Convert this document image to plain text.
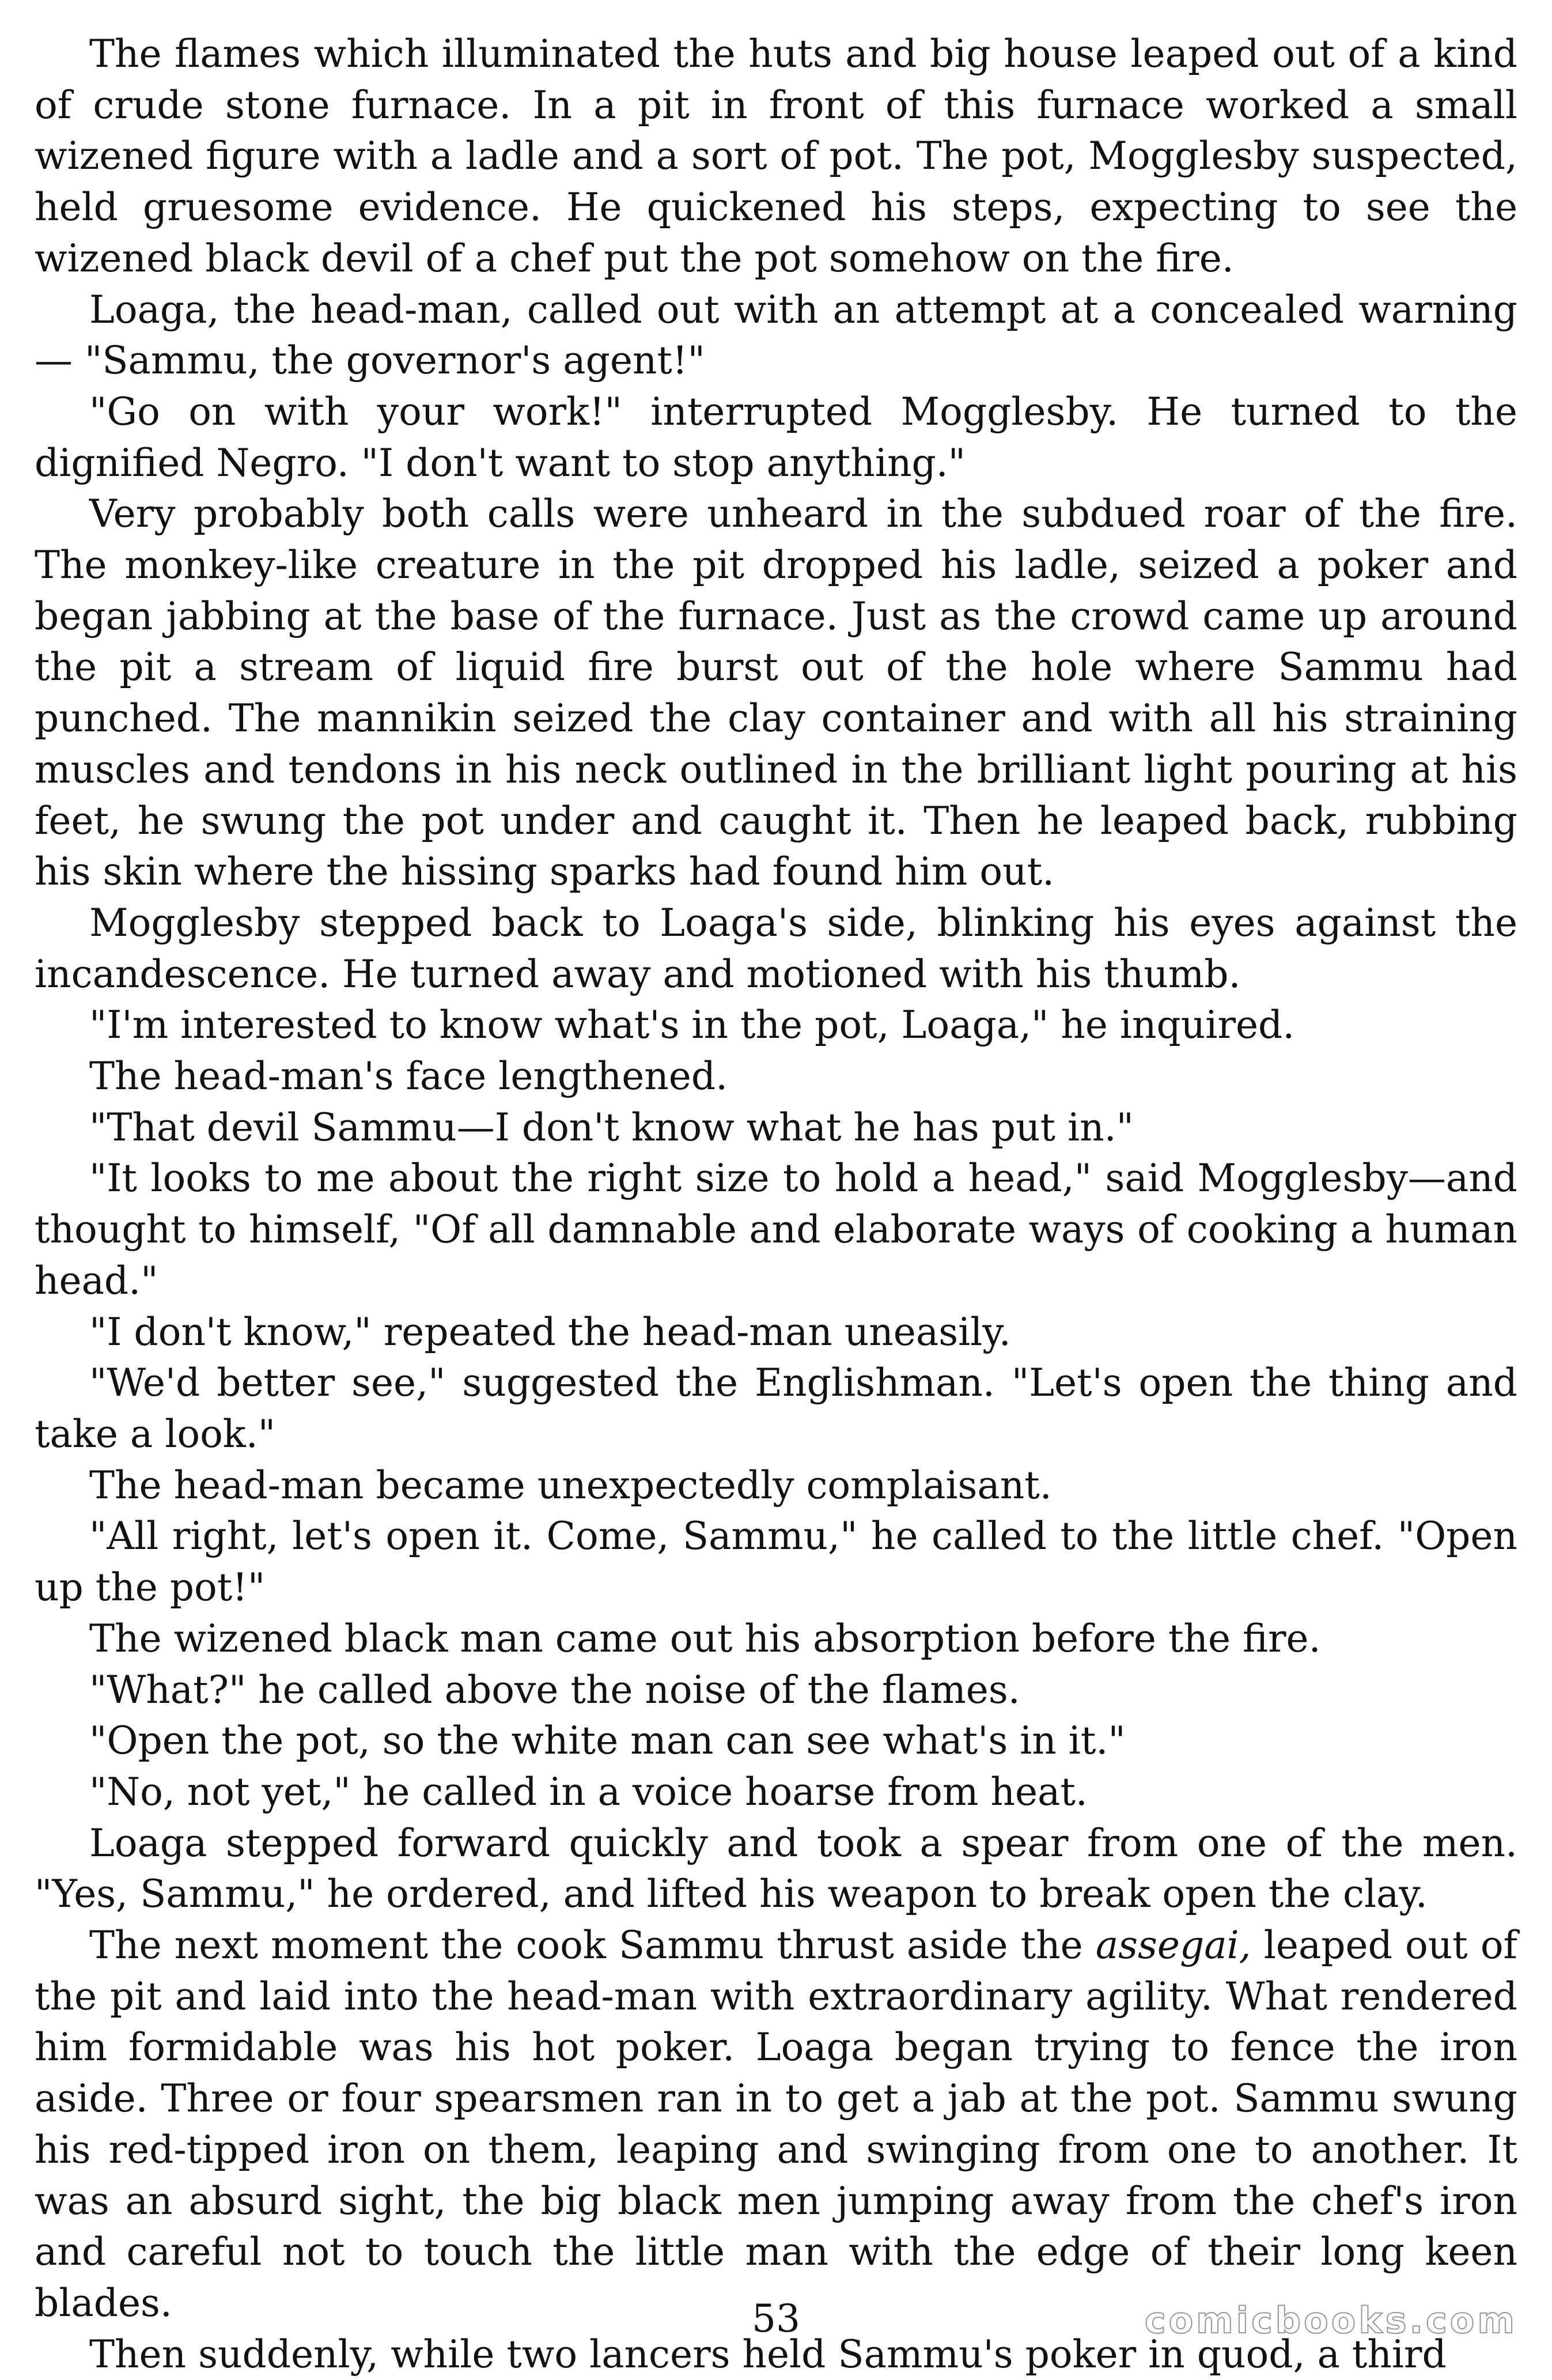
The flames which illuminated the huts and big house leaped out of a kind of crude stone furnace. In a pit in front of this furnace worked a small wizened figure with a ladle and a sort of pot. The pot, Mogglesby suspected, held gruesome evidence. He quickened his steps, expecting to see the wizened black devil of a chef put the pot somehow on the fire.

Loaga, the head-man, called out with an attempt at a concealed warning— "Sammu, the governor's agent!"

"Go on with your work!" interrupted Mogglesby. He turned to the dignified Negro. "I don't want to stop anything."

Very probably both calls were unheard in the subdued roar of the fire. The monkey-like creature in the pit dropped his ladle, seized a poker and began jabbing at the base of the furnace. Just as the crowd came up around the pit a stream of liquid fire burst out of the hole where Sammu had punched. The mannikin seized the clay container and with all his straining muscles and tendons in his neck outlined in the brilliant light pouring at his feet, he swung the pot under and caught it. Then he leaped back, rubbing his skin where the hissing sparks had found him out.

Mogglesby stepped back to Loaga's side, blinking his eyes against the incandescence. He turned away and motioned with his thumb.

"I'm interested to know what's in the pot, Loaga," he inquired.

The head-man's face lengthened.

"That devil Sammu—I don't know what he has put in."

"It looks to me about the right size to hold a head," said Mogglesby—and thought to himself, "Of all damnable and elaborate ways of cooking a human head."

"I don't know," repeated the head-man uneasily.

"We'd better see," suggested the Englishman. "Let's open the thing and take a look."

The head-man became unexpectedly complaisant.

"All right, let's open it. Come, Sammu," he called to the little chef. "Open up the pot!"

The wizened black man came out his absorption before the fire.

"What?" he called above the noise of the flames.

"Open the pot, so the white man can see what's in it."

"No, not yet," he called in a voice hoarse from heat.

Loaga stepped forward quickly and took a spear from one of the men. "Yes, Sammu," he ordered, and lifted his weapon to break open the clay.

The next moment the cook Sammu thrust aside the assegai, leaped out of the pit and laid into the head-man with extraordinary agility. What rendered him formidable was his hot poker. Loaga began trying to fence the iron aside. Three or four spearsmen ran in to get a jab at the pot. Sammu swung his red-tipped iron on them, leaping and swinging from one to another. It was an absurd sight, the big black men jumping away from the chef's iron and careful not to touch the little man with the edge of their long keen blades.

Then suddenly, while two lancers held Sammu's poker in quod, a third

53	comicbooks.com
